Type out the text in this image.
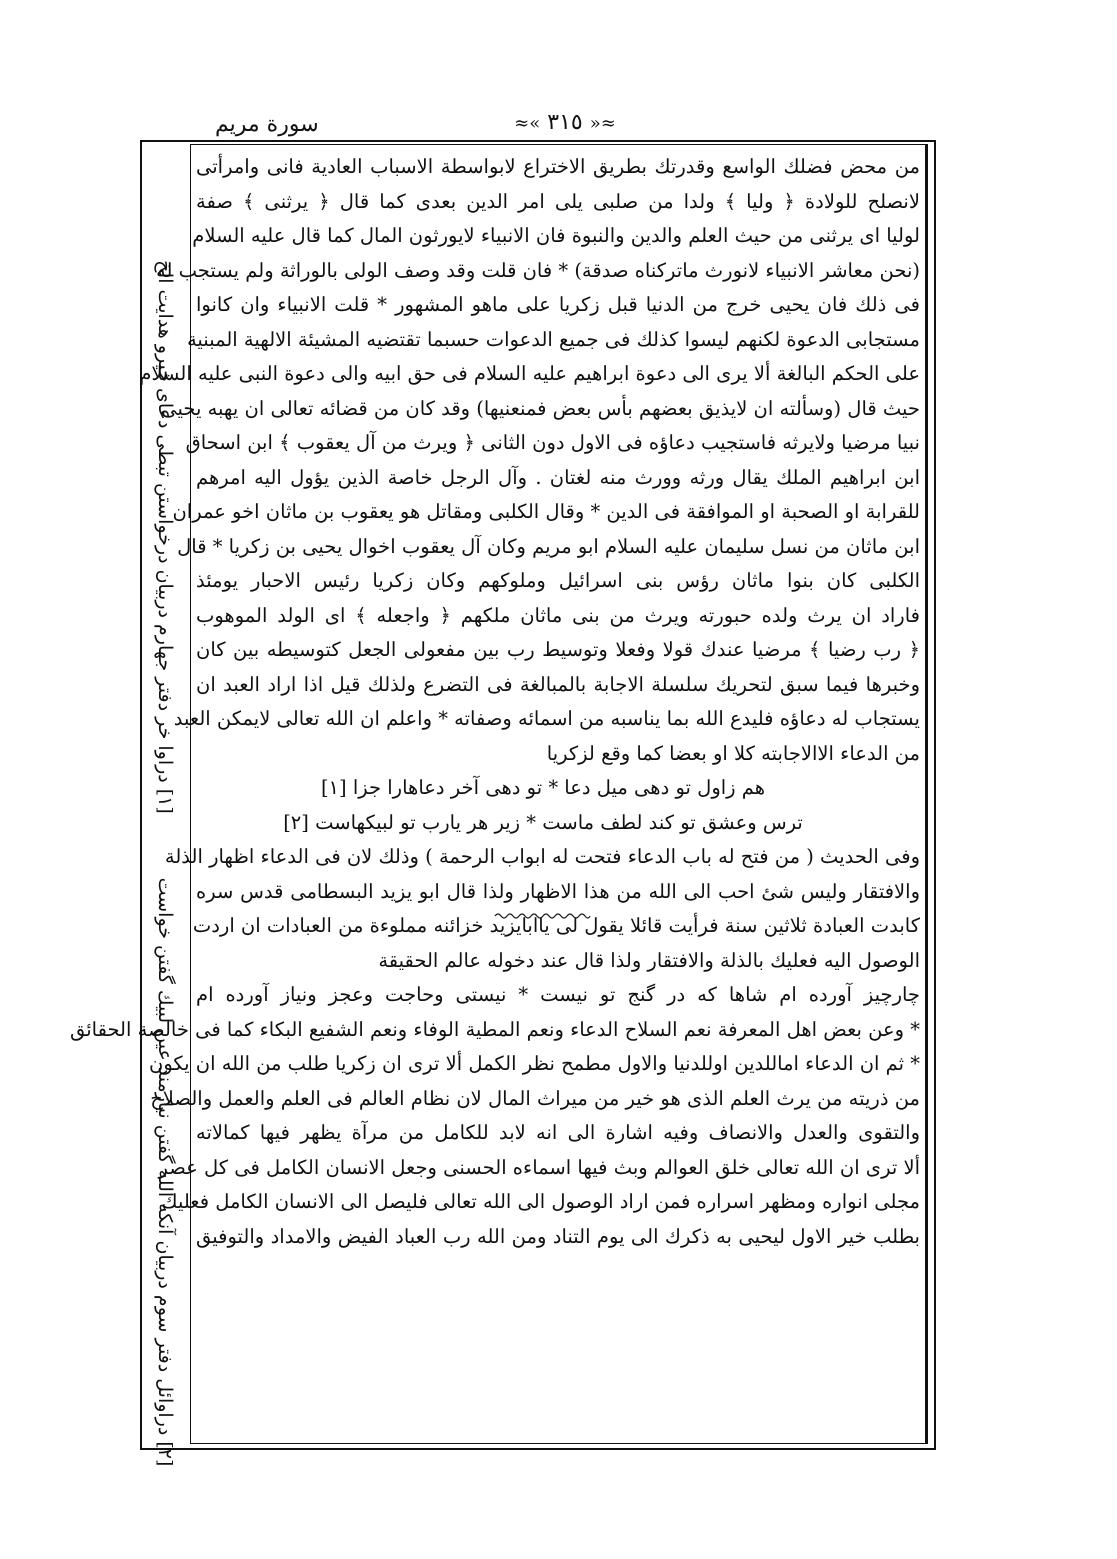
سورة مريم	≈« ٣١٥ »≈
[١] دراوا خر دفتر جهارم دربيان درخواستن تبطى دعاى خيرو هدايت الخ
[٢] دراوائل دفتر سوم دربيان آنكه الله گفتن نيازمند عين لبيك گفتن خواست
من محض فضلك الواسع وقدرتك بطريق الاختراع لابواسطة الاسباب العادية فانى وامرأتى
لانصلح للولادة ﴿ وليا ﴾ ولدا من صلبى يلى امر الدين بعدى كما قال ﴿ يرثنى ﴾ صفة
لوليا اى يرثنى من حيث العلم والدين والنبوة فان الانبياء لايورثون المال كما قال عليه السلام
(نحن معاشر الانبياء لانورث ماتركناه صدقة) * فان قلت وقد وصف الولى بالوراثة ولم يستجب له
فى ذلك فان يحيى خرج من الدنيا قبل زكريا على ماهو المشهور * قلت الانبياء وان كانوا
مستجابى الدعوة لكنهم ليسوا كذلك فى جميع الدعوات حسبما تقتضيه المشيئة الالهية المبنية
على الحكم البالغة ألا يرى الى دعوة ابراهيم عليه السلام فى حق ابيه والى دعوة النبى عليه السلام
حيث قال (وسألته ان لايذيق بعضهم بأس بعض فمنعنيها) وقد كان من قضائه تعالى ان يهبه يحيى
نبيا مرضيا ولايرثه فاستجيب دعاؤه فى الاول دون الثانى ﴿ ويرث من آل يعقوب ﴾ ابن اسحاق
ابن ابراهيم الملك يقال ورثه وورث منه لغتان . وآل الرجل خاصة الذين يؤول اليه امرهم
للقرابة او الصحبة او الموافقة فى الدين * وقال الكلبى ومقاتل هو يعقوب بن ماثان اخو عمران
ابن ماثان من نسل سليمان عليه السلام ابو مريم وكان آل يعقوب اخوال يحيى بن زكريا * قال
الكلبى كان بنوا ماثان رؤس بنى اسرائيل وملوكهم وكان زكريا رئيس الاحبار يومئذ
فاراد ان يرث ولده حبورته ويرث من بنى ماثان ملكهم ﴿ واجعله ﴾ اى الولد الموهوب
﴿ رب رضيا ﴾ مرضيا عندك قولا وفعلا وتوسيط رب بين مفعولى الجعل كتوسيطه بين كان
وخبرها فيما سبق لتحريك سلسلة الاجابة بالمبالغة فى التضرع ولذلك قيل اذا اراد العبد ان
يستجاب له دعاؤه فليدع الله بما يناسبه من اسمائه وصفاته * واعلم ان الله تعالى لايمكن العبد
من الدعاء الاالاجابته كلا او بعضا كما وقع لزكريا
هم زاول تو دهى ميل دعا * تو دهى آخر دعاهارا جزا [١]
ترس وعشق تو كند لطف ماست * زير هر يارب تو لبيكهاست [٢]
وفى الحديث ( من فتح له باب الدعاء فتحت له ابواب الرحمة ) وذلك لان فى الدعاء اظهار الذلة
والافتقار وليس شئ احب الى الله من هذا الاظهار ولذا قال ابو يزيد البسطامى قدس سره
كابدت العبادة ثلاثين سنة فرأيت قائلا يقول لى ياابايزيد خزائنه مملوءة من العبادات ان اردت
الوصول اليه فعليك بالذلة والافتقار ولذا قال عند دخوله عالم الحقيقة
چارچيز آورده ام شاها كه در گنج تو نيست * نيستى وحاجت وعجز ونياز آورده ام
* وعن بعض اهل المعرفة نعم السلاح الدعاء ونعم المطية الوفاء ونعم الشفيع البكاء كما فى خالصة الحقائق
* ثم ان الدعاء اماللدين اوللدنيا والاول مطمح نظر الكمل ألا ترى ان زكريا طلب من الله ان يكون
من ذريته من يرث العلم الذى هو خير من ميراث المال لان نظام العالم فى العلم والعمل والصلاح
والتقوى والعدل والانصاف وفيه اشارة الى انه لابد للكامل من مرآة يظهر فيها كمالاته
ألا ترى ان الله تعالى خلق العوالم وبث فيها اسماءه الحسنى وجعل الانسان الكامل فى كل عصر
مجلى انواره ومظهر اسراره فمن اراد الوصول الى الله تعالى فليصل الى الانسان الكامل فعليك
بطلب خير الاول ليحيى به ذكرك الى يوم التناد ومن الله رب العباد الفيض والامداد والتوفيق
